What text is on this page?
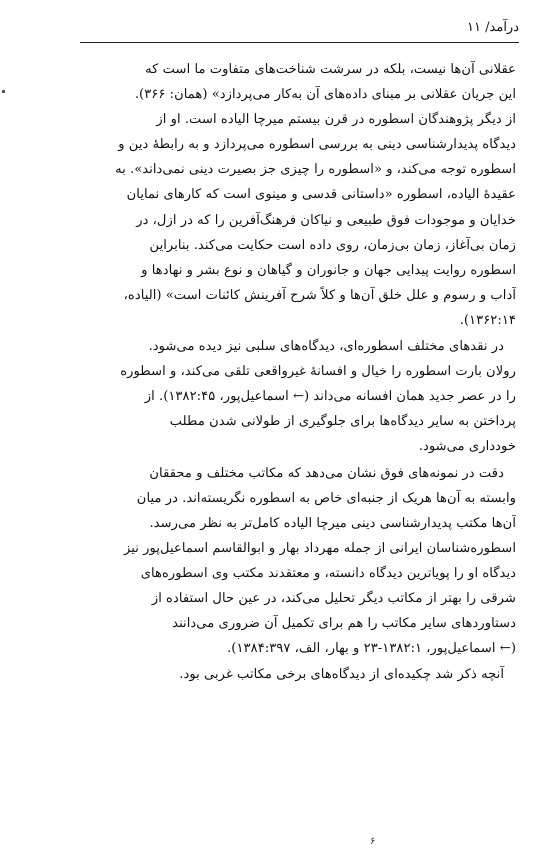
درآمد/ ۱۱

عقلانی آن‌ها نیست، بلکه در سرشت شناخت‌های متفاوت ما است که
این جریان عقلانی بر مبنای داده‌های آن به‌کار می‌پردازد» (همان: ۳۶۶).
از دیگر پژوهندگان اسطوره در قرن بیستم میرچا الیاده است. او از
دیدگاه پدیدارشناسی دینی به بررسی اسطوره می‌پردازد و به رابطهٔ دین و
اسطوره توجه می‌کند، و «اسطوره را چیزی جز بصیرت دینی نمی‌داند». به
عقیدهٔ الیاده، اسطوره «داستانی قدسی و مینوی است که کارهای نمایان
خدایان و موجودات فوق طبیعی و نیاکان فرهنگ‌آفرین را که در ازل، در
زمان بی‌آغاز، زمان بی‌زمان، روی داده است حکایت می‌کند. بنابراین
اسطوره روایت پیدایی جهان و جانوران و گیاهان و نوع بشر و نهادها و
آداب و رسوم و علل خلق آن‌ها و کلاً شرح آفرینش کائنات است» (الیاده،
۱۳۶۲:۱۴).

در نقدهای مختلف اسطوره‌ای، دیدگاه‌های سلبی نیز دیده می‌شود.
رولان بارت اسطوره را خیال و افسانهٔ غیرواقعی تلقی می‌کند، و اسطوره
را در عصر جدید همان افسانه می‌داند (← اسماعیل‌پور، ۱۳۸۲:۴۵). از
پرداختن به سایر دیدگاه‌ها برای جلوگیری از طولانی شدن مطلب
خودداری می‌شود.

دقت در نمونه‌های فوق نشان می‌دهد که مکاتب مختلف و محققان
وابسته به آن‌ها هریک از جنبه‌ای خاص به اسطوره نگریسته‌اند. در میان
آن‌ها مکتب پدیدارشناسی دینی میرچا الیاده کامل‌تر به نظر می‌رسد.
اسطوره‌شناسان ایرانی از جمله مهرداد بهار و ابوالقاسم اسماعیل‌پور نیز
دیدگاه او را پویاترین دیدگاه دانسته، و معتقدند مکتب وی اسطوره‌های
شرقی را بهتر از مکاتب دیگر تحلیل می‌کند، در عین حال استفاده از
دستاوردهای سایر مکاتب را هم برای تکمیل آن ضروری می‌دانند
(← اسماعیل‌پور، ۱۳۸۲:۱-۲۳ و بهار، الف، ۱۳۸۴:۳۹۷).

آنچه ذکر شد چکیده‌ای از دیدگاه‌های برخی مکاتب غربی بود.

۶
